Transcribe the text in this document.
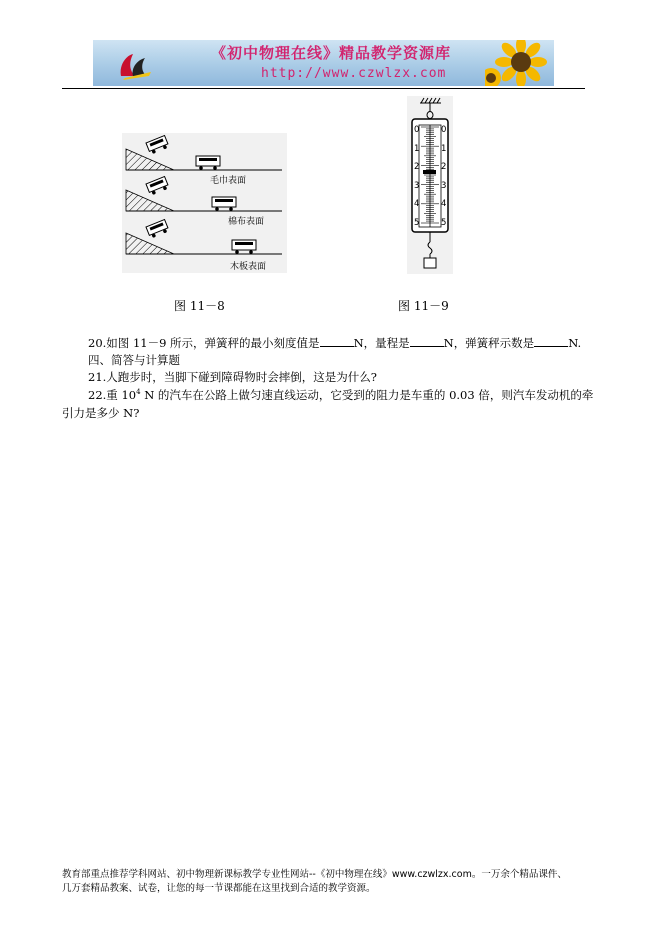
《初中物理在线》精品教学资源库
http://www.czwlzx.com
毛巾表面
棉布表面
木板表面
0
1
2
3
4
5
0
1
2
3
4
5
图 11－8	图 11－9
20.如图 11－9 所示，弹簧秤的最小刻度值是	N，量程是	N，弹簧秤示数是	N.
四、简答与计算题
21.人跑步时，当脚下碰到障碍物时会摔倒，这是为什么?
22.重 $10^4$ N 的汽车在公路上做匀速直线运动，它受到的阻力是车重的 0.03 倍，则汽车发动机的牵
引力是多少 N?
教育部重点推荐学科网站、初中物理新课标教学专业性网站--《初中物理在线》www.czwlzx.com。一万余个精品课件、
几万套精品教案、试卷，让您的每一节课都能在这里找到合适的教学资源。
